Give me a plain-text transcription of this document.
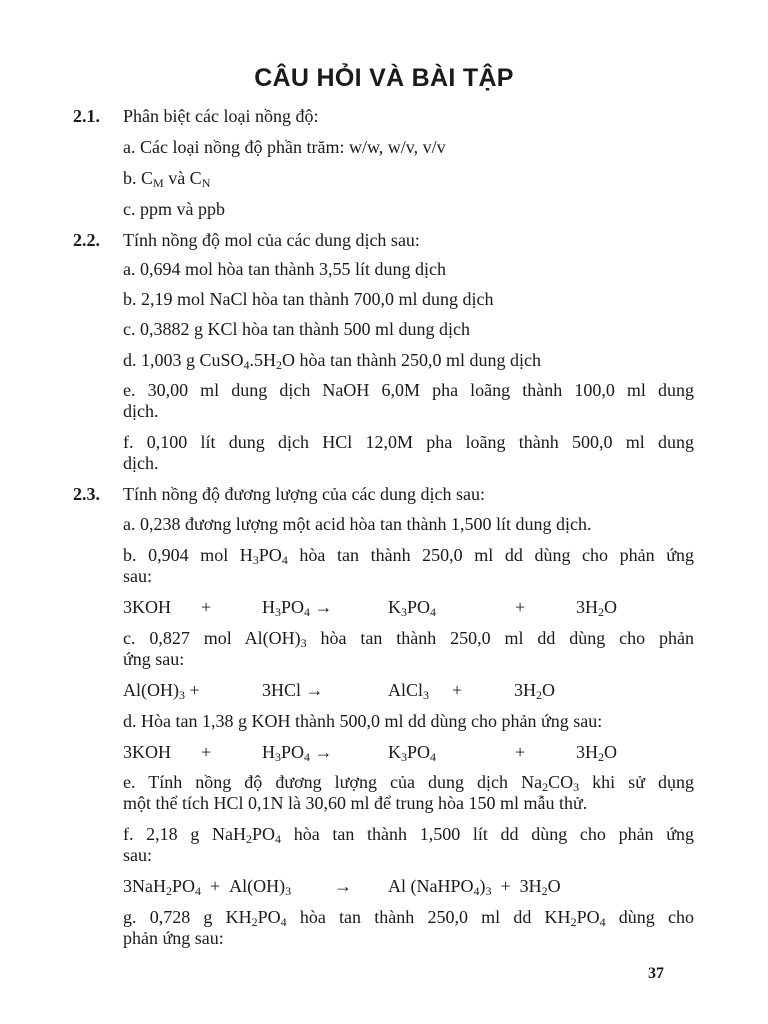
CÂU HỎI VÀ BÀI TẬP
2.1. Phân biệt các loại nồng độ:
a. Các loại nồng độ phần trăm: w/w, w/v, v/v
b. $C_M$ và $C_N$
c. ppm và ppb
2.2. Tính nồng độ mol của các dung dịch sau:
a. 0,694 mol hòa tan thành 3,55 lít dung dịch
b. 2,19 mol NaCl hòa tan thành 700,0 ml dung dịch
c. 0,3882 g KCl hòa tan thành 500 ml dung dịch
d. 1,003 g $CuSO_4.5H_2O$ hòa tan thành 250,0 ml dung dịch
e. 30,00 ml dung dịch NaOH 6,0M pha loãng thành 100,0 ml dung
dịch.
f. 0,100 lít dung dịch HCl 12,0M pha loãng thành 500,0 ml dung
dịch.
2.3. Tính nồng độ đương lượng của các dung dịch sau:
a. 0,238 đương lượng một acid hòa tan thành 1,500 lít dung dịch.
b. 0,904 mol $H_3PO_4$ hòa tan thành 250,0 ml dd dùng cho phản ứng
sau:
3KOH +	$H_3PO_4$ →	$K_3PO_4$	+	$3H_2O$
c. 0,827 mol $Al(OH)_3$ hòa tan thành 250,0 ml dd dùng cho phản
ứng sau:
$Al(OH)_3$ +	3HCl →	AlCl$_3$ +	$3H_2O$
d. Hòa tan 1,38 g KOH thành 500,0 ml dd dùng cho phản ứng sau:
3KOH +	$H_3PO_4$ →	$K_3PO_4$	+	$3H_2O$
e. Tính nồng độ đương lượng của dung dịch $Na_2CO_3$ khi sử dụng
một thể tích HCl 0,1N là 30,60 ml để trung hòa 150 ml mẫu thử.
f. 2,18 g $NaH_2PO_4$ hòa tan thành 1,500 lít dd dùng cho phản ứng
sau:
$3NaH_2PO_4 + Al(OH)_3 \to Al$ $(NaHPO_4)_3 + 3H_2O$
g. 0,728 g $KH_2PO_4$ hòa tan thành 250,0 ml dd $KH_2PO_4$ dùng cho
phản ứng sau:
37
